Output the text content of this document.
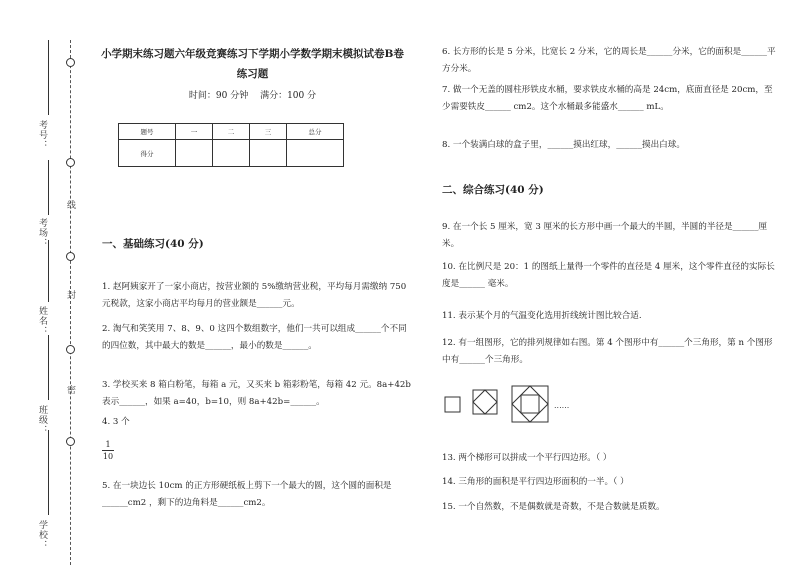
线
封
密
考号：
考场：
姓名：
班级：
学校：
小学期末练习题六年级竞赛练习下学期小学数学期末模拟试卷B卷练习题
时间：90 分钟　 满分：100 分
题号	一	二	三	总分
得分				
一、基础练习(40 分)
1. 赵阿姨家开了一家小商店，按营业额的 5%缴纳营业税，平均每月需缴纳 750 元税款，这家小商店平均每月的营业额是______元。
2. 淘气和笑笑用 7、8、9、0 这四个数组数字，他们一共可以组成______个不同的四位数，其中最大的数是______，最小的数是______。
3. 学校买来 8 箱白粉笔，每箱 a 元，又买来 b 箱彩粉笔，每箱 42 元。8a+42b 表示______，如果 a=40，b=10，则 8a+42b=______。
4. 3 个
1
10
5. 在一块边长 10cm 的正方形硬纸板上剪下一个最大的圆，这个圆的面积是______cm2 ，剩下的边角料是______cm2。
6. 长方形的长是 5 分米，比宽长 2 分米，它的周长是______分米，它的面积是______平方分米。
7. 做一个无盖的圆柱形铁皮水桶，要求铁皮水桶的高是 24cm，底面直径是 20cm，至少需要铁皮______ cm2。这个水桶最多能盛水______ mL。
8. 一个装满白球的盒子里，______摸出红球，______摸出白球。
二、综合练习(40 分)
9. 在一个长 5 厘米，宽 3 厘米的长方形中画一个最大的半圆，半圆的半径是______厘米。
10. 在比例尺是 20：1 的图纸上量得一个零件的直径是 4 厘米，这个零件直径的实际长度是______ 毫米。
11. 表示某个月的气温变化选用折线统计图比较合适.
12. 有一组图形，它的排列规律如右图。第 4 个图形中有______个三角形，第 n 个图形中有______个三角形。
......
13. 两个梯形可以拼成一个平行四边形。（ ）
14. 三角形的面积是平行四边形面积的一半。（ ）
15. 一个自然数，不是偶数就是奇数，不是合数就是质数。
